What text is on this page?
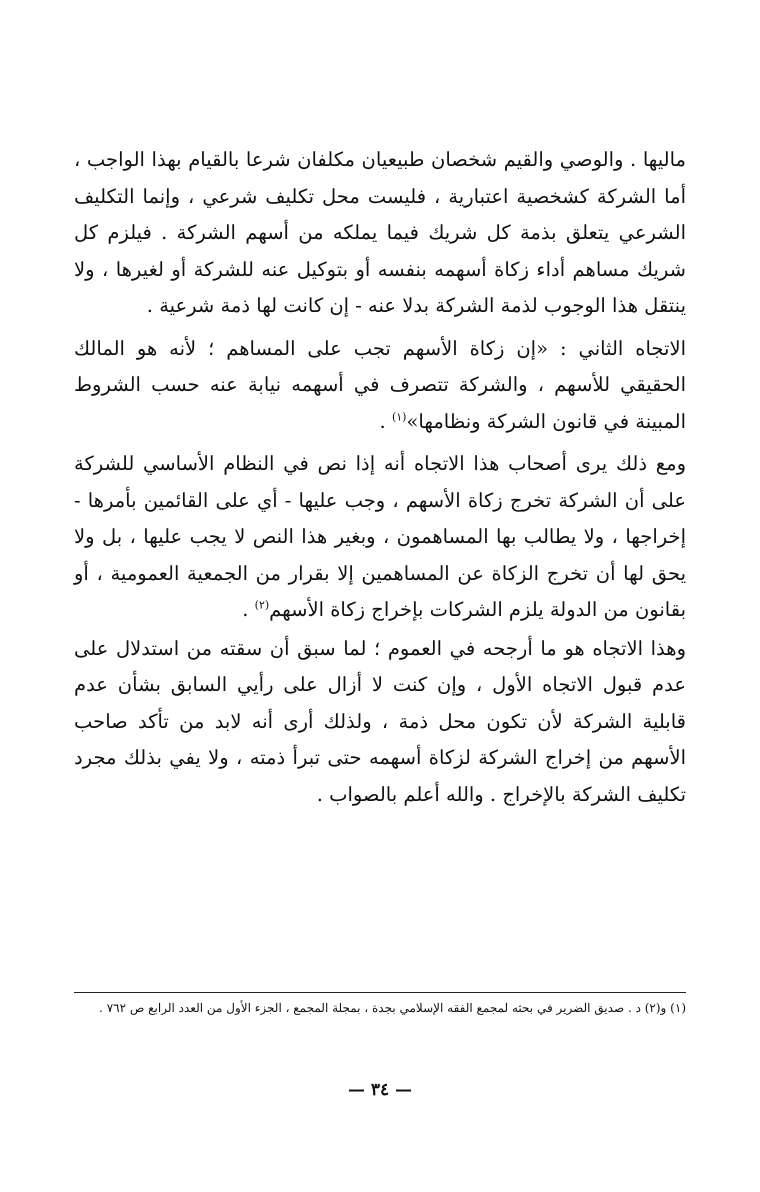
ماليها . والوصي والقيم شخصان طبيعيان مكلفان شرعا بالقيام بهذا الواجب ، أما الشركة كشخصية اعتبارية ، فليست محل تكليف شرعي ، وإنما التكليف الشرعي يتعلق بذمة كل شريك فيما يملكه من أسهم الشركة . فيلزم كل شريك مساهم أداء زكاة أسهمه بنفسه أو بتوكيل عنه للشركة أو لغيرها ، ولا ينتقل هذا الوجوب لذمة الشركة بدلا عنه - إن كانت لها ذمة شرعية .

الاتجاه الثاني : «إن زكاة الأسهم تجب على المساهم ؛ لأنه هو المالك الحقيقي للأسهم ، والشركة تتصرف في أسهمه نيابة عنه حسب الشروط المبينة في قانون الشركة ونظامها»$^{(١)}$ .

ومع ذلك يرى أصحاب هذا الاتجاه أنه إذا نص في النظام الأساسي للشركة على أن الشركة تخرج زكاة الأسهم ، وجب عليها - أي على القائمين بأمرها - إخراجها ، ولا يطالب بها المساهمون ، وبغير هذا النص لا يجب عليها ، بل ولا يحق لها أن تخرج الزكاة عن المساهمين إلا بقرار من الجمعية العمومية ، أو بقانون من الدولة يلزم الشركات بإخراج زكاة الأسهم$^{(٢)}$ .

وهذا الاتجاه هو ما أرجحه في العموم ؛ لما سبق أن سقته من استدلال على عدم قبول الاتجاه الأول ، وإن كنت لا أزال على رأيي السابق بشأن عدم قابلية الشركة لأن تكون محل ذمة ، ولذلك أرى أنه لابد من تأكد صاحب الأسهم من إخراج الشركة لزكاة أسهمه حتى تبرأ ذمته ، ولا يفي بذلك مجرد تكليف الشركة بالإخراج . والله أعلم بالصواب .

(١) و(٢) د . صديق الضرير في بحثه لمجمع الفقه الإسلامي بجدة ، بمجلة المجمع ، الجزء الأول من العدد الرابع ص ٧٦٢ .
— ٣٤ —
